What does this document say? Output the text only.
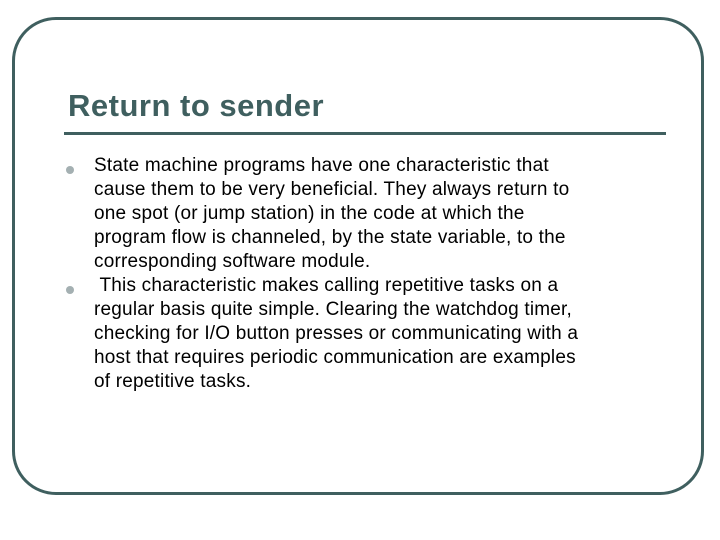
Return to sender
State machine programs have one characteristic that
cause them to be very beneficial. They always return to
one spot (or jump station) in the code at which the
program flow is channeled, by the state variable, to the
corresponding software module.
This characteristic makes calling repetitive tasks on a
regular basis quite simple. Clearing the watchdog timer,
checking for I/O button presses or communicating with a
host that requires periodic communication are examples
of repetitive tasks.
